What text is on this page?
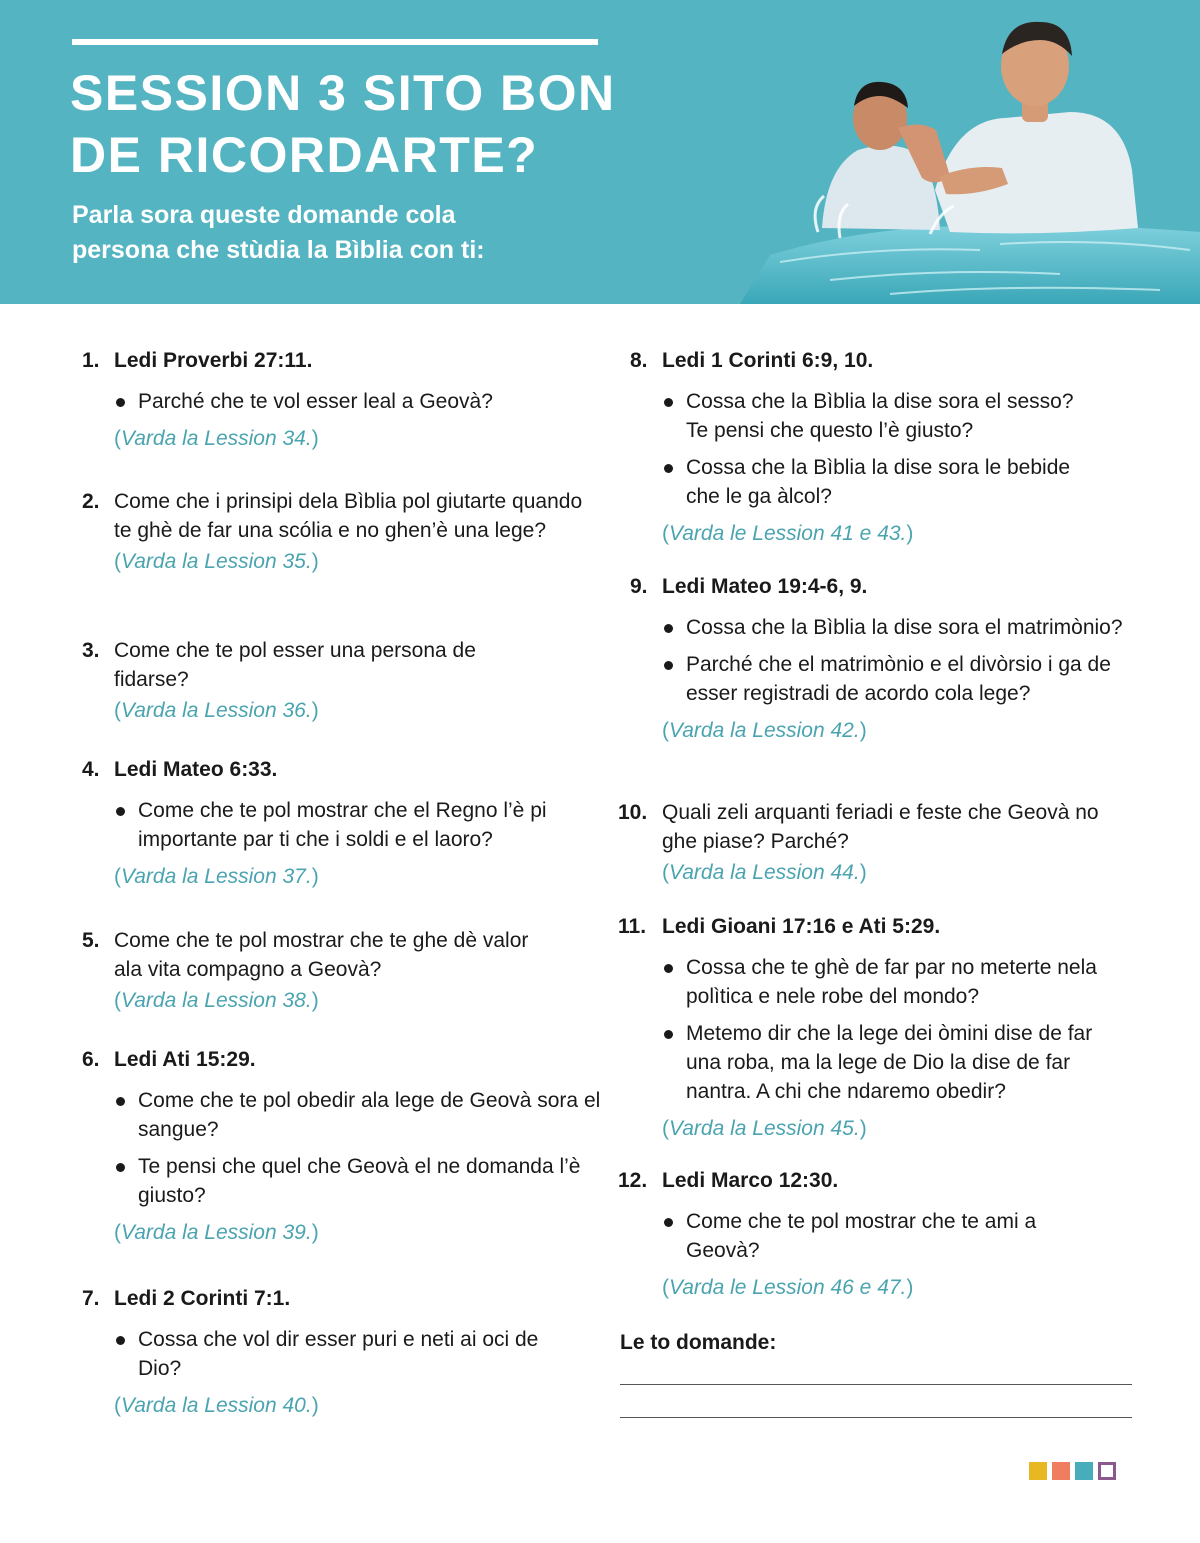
SESSION 3 SITO BON
DE RICORDARTE?

Parla sora queste domande cola
persona che stùdia la Bìblia con ti:

1. Ledi Proverbi 27:11.
Parché che te vol esser leal a Geovà?
(Varda la Lession 34.)
2. Come che i prinsipi dela Bìblia pol giutarte quando te ghè de far una scólia e no ghen’è una lege?
(Varda la Lession 35.)
3. Come che te pol esser una persona de fidarse?
(Varda la Lession 36.)
4. Ledi Mateo 6:33.
Come che te pol mostrar che el Regno l’è pi importante par ti che i soldi e el laoro?
(Varda la Lession 37.)
5. Come che te pol mostrar che te ghe dè valor ala vita compagno a Geovà?
(Varda la Lession 38.)
6. Ledi Ati 15:29.
Come che te pol obedir ala lege de Geovà sora el sangue?
Te pensi che quel che Geovà el ne domanda l’è giusto?
(Varda la Lession 39.)
7. Ledi 2 Corinti 7:1.
Cossa che vol dir esser puri e neti ai oci de Dio?
(Varda la Lession 40.)
8. Ledi 1 Corinti 6:9, 10.
Cossa che la Bìblia la dise sora el sesso? Te pensi che questo l’è giusto?
Cossa che la Bìblia la dise sora le bebide che le ga àlcol?
(Varda le Lession 41 e 43.)
9. Ledi Mateo 19:4-6, 9.
Cossa che la Bìblia la dise sora el matrimònio?
Parché che el matrimònio e el divòrsio i ga de esser registradi de acordo cola lege?
(Varda la Lession 42.)
10. Quali zeli arquanti feriadi e feste che Geovà no ghe piase? Parché?
(Varda la Lession 44.)
11. Ledi Gioani 17:16 e Ati 5:29.
Cossa che te ghè de far par no meterte nela polìtica e nele robe del mondo?
Metemo dir che la lege dei òmini dise de far una roba, ma la lege de Dio la dise de far nantra. A chi che ndaremo obedir?
(Varda la Lession 45.)
12. Ledi Marco 12:30.
Come che te pol mostrar che te ami a Geovà?
(Varda le Lession 46 e 47.)
Le to domande:
